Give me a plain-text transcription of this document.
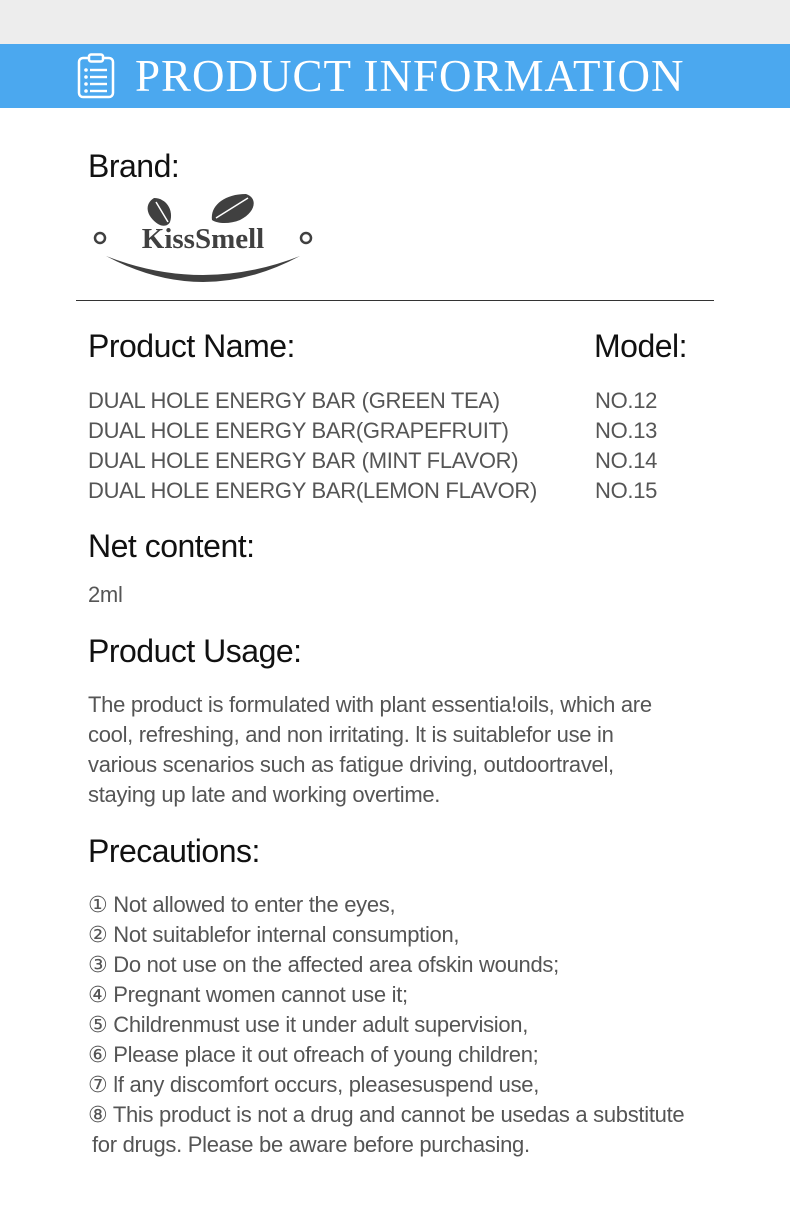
PRODUCT INFORMATION
Brand:
KissSmell
Product Name:	Model:
DUAL HOLE ENERGY BAR (GREEN TEA)
DUAL HOLE ENERGY BAR(GRAPEFRUIT)
DUAL HOLE ENERGY BAR (MINT FLAVOR)
DUAL HOLE ENERGY BAR(LEMON FLAVOR)
NO.12
NO.13
NO.14
NO.15
Net content:
2ml
Product Usage:
The product is formulated with plant essentia!oils, which are
cool, refreshing, and non irritating. lt is suitablefor use in
various scenarios such as fatigue driving, outdoortravel,
staying up late and working overtime.
Precautions:
① Not allowed to enter the eyes,
② Not suitablefor internal consumption,
③ Do not use on the affected area ofskin wounds;
④ Pregnant women cannot use it;
⑤ Childrenmust use it under adult supervision,
⑥ Please place it out ofreach of young children;
⑦ lf any discomfort occurs, pleasesuspend use,
⑧ This product is not a drug and cannot be usedas a substitute
for drugs. Please be aware before purchasing.
